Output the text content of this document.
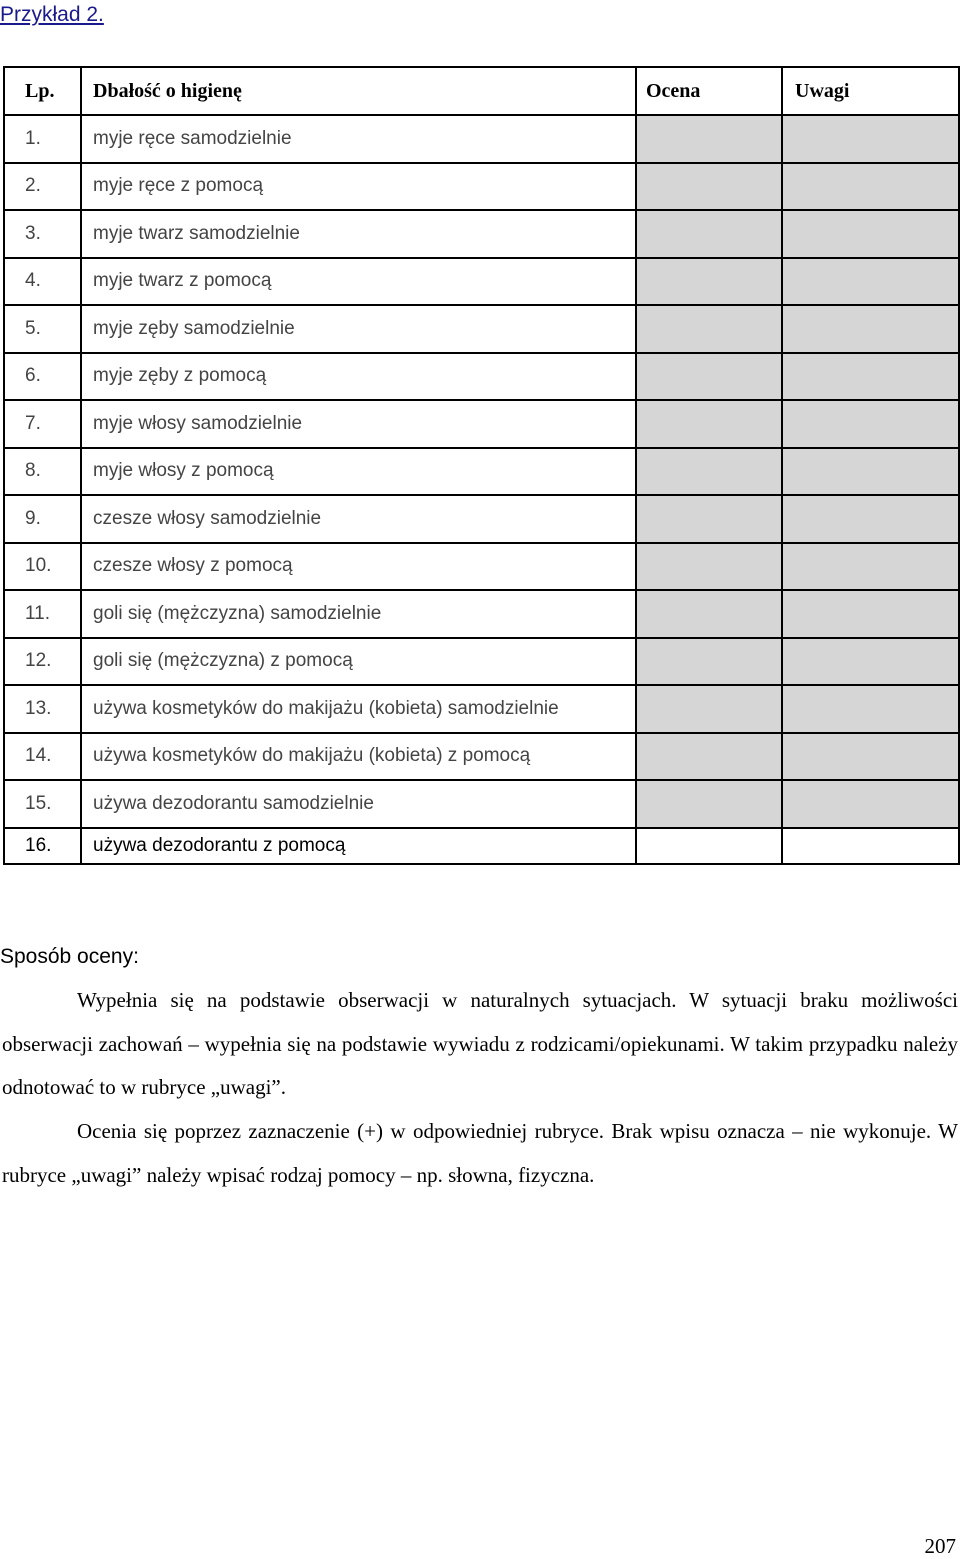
Przykład 2.
Lp.	Dbałość o higienę	Ocena	Uwagi
1.	myje ręce samodzielnie		
2.	myje ręce z pomocą		
3.	myje twarz samodzielnie		
4.	myje twarz z pomocą		
5.	myje zęby samodzielnie		
6.	myje zęby z pomocą		
7.	myje włosy samodzielnie		
8.	myje włosy z pomocą		
9.	czesze włosy samodzielnie		
10.	czesze włosy z pomocą		
11.	goli się (mężczyzna) samodzielnie		
12.	goli się (mężczyzna) z pomocą		
13.	używa kosmetyków do makijażu (kobieta) samodzielnie		
14.	używa kosmetyków do makijażu (kobieta) z pomocą		
15.	używa dezodorantu samodzielnie		
16.	używa dezodorantu z pomocą		
Sposób oceny:

Wypełnia się na podstawie obserwacji w naturalnych sytuacjach. W sytuacji braku możliwości obserwacji zachowań – wypełnia się na podstawie wywiadu z rodzicami/opiekunami. W takim przypadku należy odnotować to w rubryce „uwagi”.

Ocenia się poprzez zaznaczenie (+) w odpowiedniej rubryce. Brak wpisu oznacza – nie wykonuje. W rubryce „uwagi” należy wpisać rodzaj pomocy – np. słowna, fizyczna.

207
